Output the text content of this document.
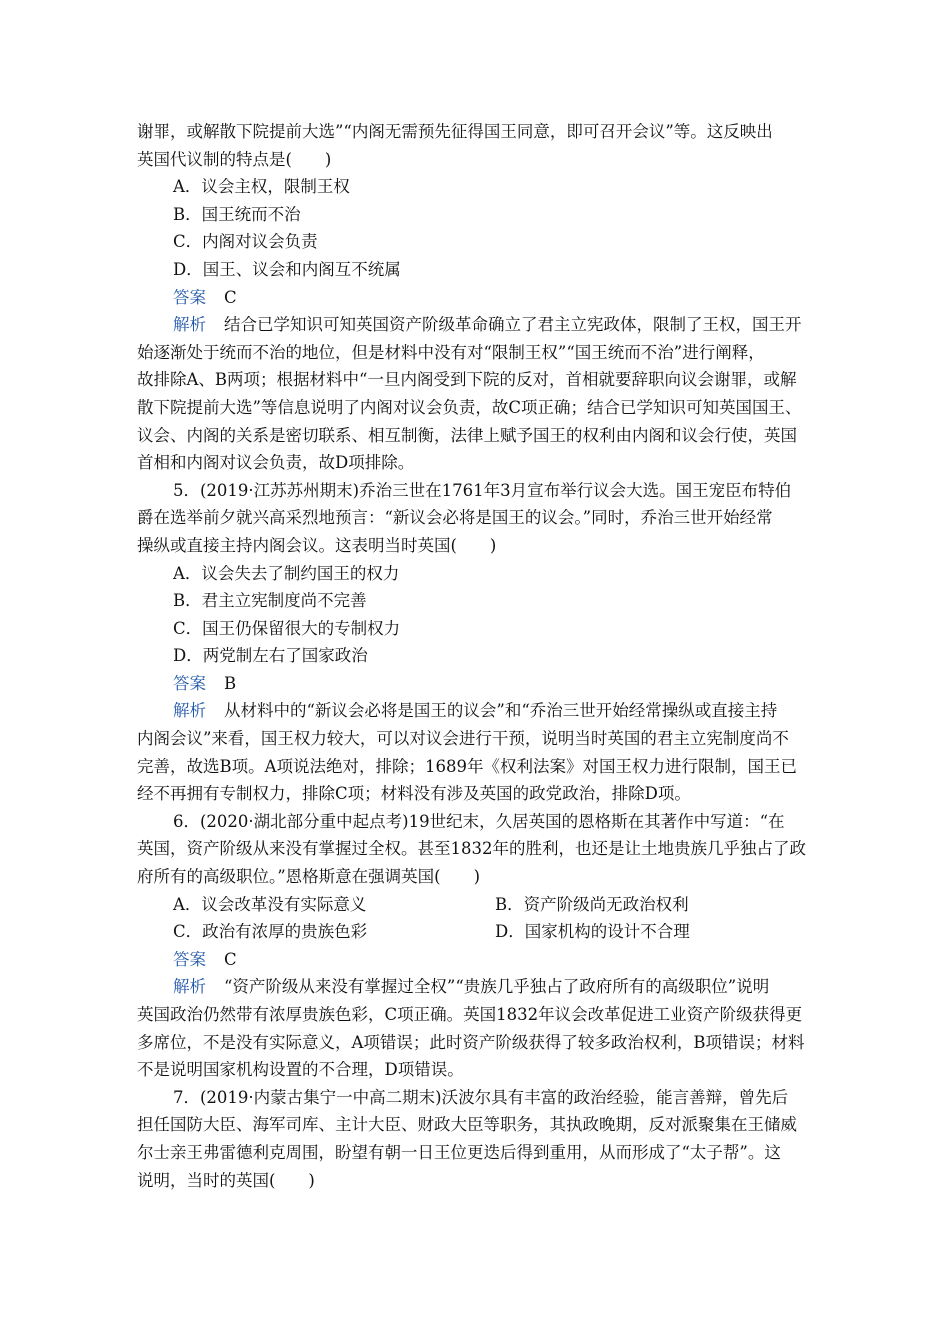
谢罪，或解散下院提前大选”“内阁无需预先征得国王同意，即可召开会议”等。这反映出
英国代议制的特点是(　　)
A．议会主权，限制王权
B．国王统而不治
C．内阁对议会负责
D．国王、议会和内阁互不统属
答案 C
解析 结合已学知识可知英国资产阶级革命确立了君主立宪政体，限制了王权，国王开
始逐渐处于统而不治的地位，但是材料中没有对“限制王权”“国王统而不治”进行阐释，
故排除A、B两项；根据材料中“一旦内阁受到下院的反对，首相就要辞职向议会谢罪，或解
散下院提前大选”等信息说明了内阁对议会负责，故C项正确；结合已学知识可知英国国王、
议会、内阁的关系是密切联系、相互制衡，法律上赋予国王的权利由内阁和议会行使，英国
首相和内阁对议会负责，故D项排除。
5．(2019·江苏苏州期末)乔治三世在1761年3月宣布举行议会大选。国王宠臣布特伯
爵在选举前夕就兴高采烈地预言：“新议会必将是国王的议会。”同时，乔治三世开始经常
操纵或直接主持内阁会议。这表明当时英国(　　)
A．议会失去了制约国王的权力
B．君主立宪制度尚不完善
C．国王仍保留很大的专制权力
D．两党制左右了国家政治
答案 B
解析 从材料中的“新议会必将是国王的议会”和“乔治三世开始经常操纵或直接主持
内阁会议”来看，国王权力较大，可以对议会进行干预，说明当时英国的君主立宪制度尚不
完善，故选B项。A项说法绝对，排除；1689年《权利法案》对国王权力进行限制，国王已
经不再拥有专制权力，排除C项；材料没有涉及英国的政党政治，排除D项。
6．(2020·湖北部分重中起点考)19世纪末，久居英国的恩格斯在其著作中写道：“在
英国，资产阶级从来没有掌握过全权。甚至1832年的胜利，也还是让土地贵族几乎独占了政
府所有的高级职位。”恩格斯意在强调英国(　　)
A．议会改革没有实际意义	B．资产阶级尚无政治权利
C．政治有浓厚的贵族色彩	D．国家机构的设计不合理
答案 C
解析 “资产阶级从来没有掌握过全权”“贵族几乎独占了政府所有的高级职位”说明
英国政治仍然带有浓厚贵族色彩，C项正确。英国1832年议会改革促进工业资产阶级获得更
多席位，不是没有实际意义，A项错误；此时资产阶级获得了较多政治权利，B项错误；材料
不是说明国家机构设置的不合理，D项错误。
7．(2019·内蒙古集宁一中高二期末)沃波尔具有丰富的政治经验，能言善辩，曾先后
担任国防大臣、海军司库、主计大臣、财政大臣等职务，其执政晚期，反对派聚集在王储威
尔士亲王弗雷德利克周围，盼望有朝一日王位更迭后得到重用，从而形成了“太子帮”。这
说明，当时的英国(　　)
